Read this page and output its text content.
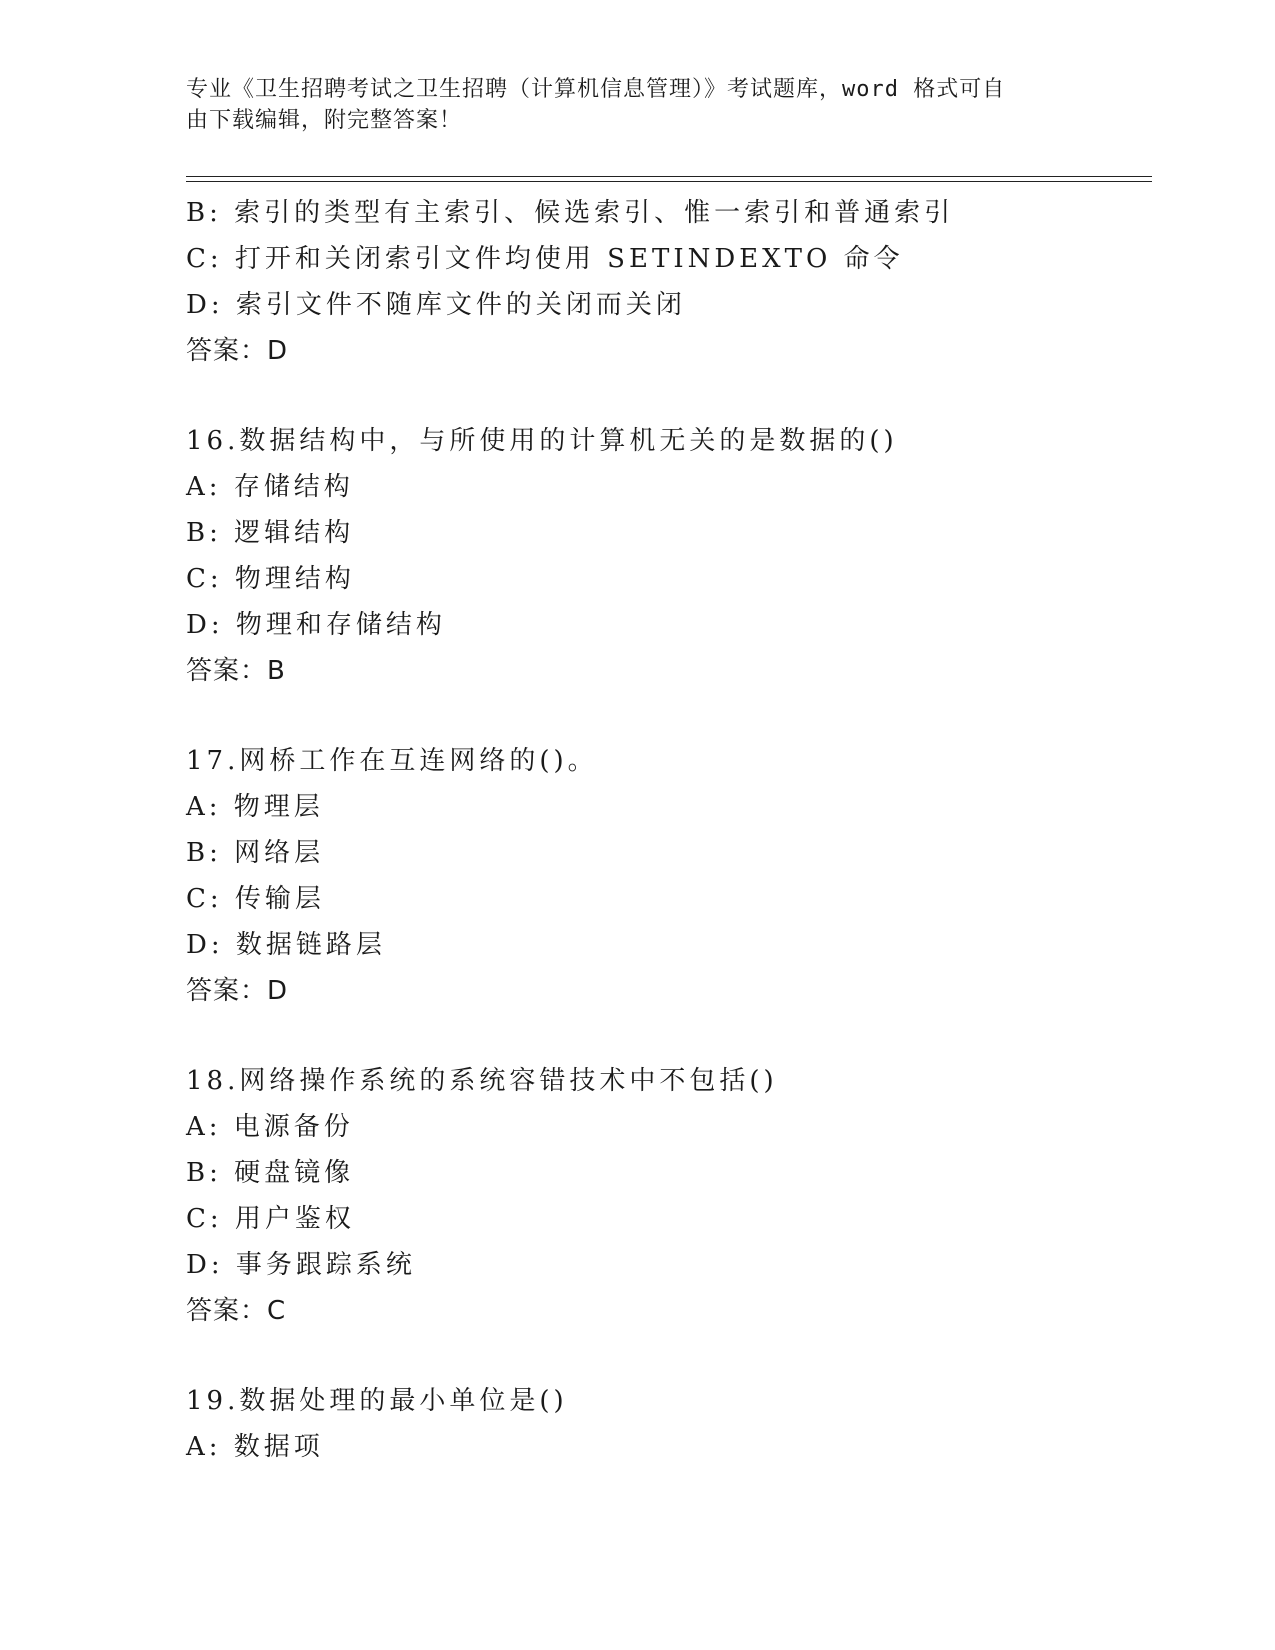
专业《卫生招聘考试之卫生招聘（计算机信息管理）》考试题库，word 格式可自
由下载编辑，附完整答案！
B: 索引的类型有主索引、候选索引、惟一索引和普通索引
C: 打开和关闭索引文件均使用 SETINDEXTO 命令
D: 索引文件不随库文件的关闭而关闭
答案：D
16.数据结构中，与所使用的计算机无关的是数据的()
A: 存储结构
B: 逻辑结构
C: 物理结构
D: 物理和存储结构
答案：B
17.网桥工作在互连网络的()。
A: 物理层
B: 网络层
C: 传输层
D: 数据链路层
答案：D
18.网络操作系统的系统容错技术中不包括()
A: 电源备份
B: 硬盘镜像
C: 用户鉴权
D: 事务跟踪系统
答案：C
19.数据处理的最小单位是()
A: 数据项
